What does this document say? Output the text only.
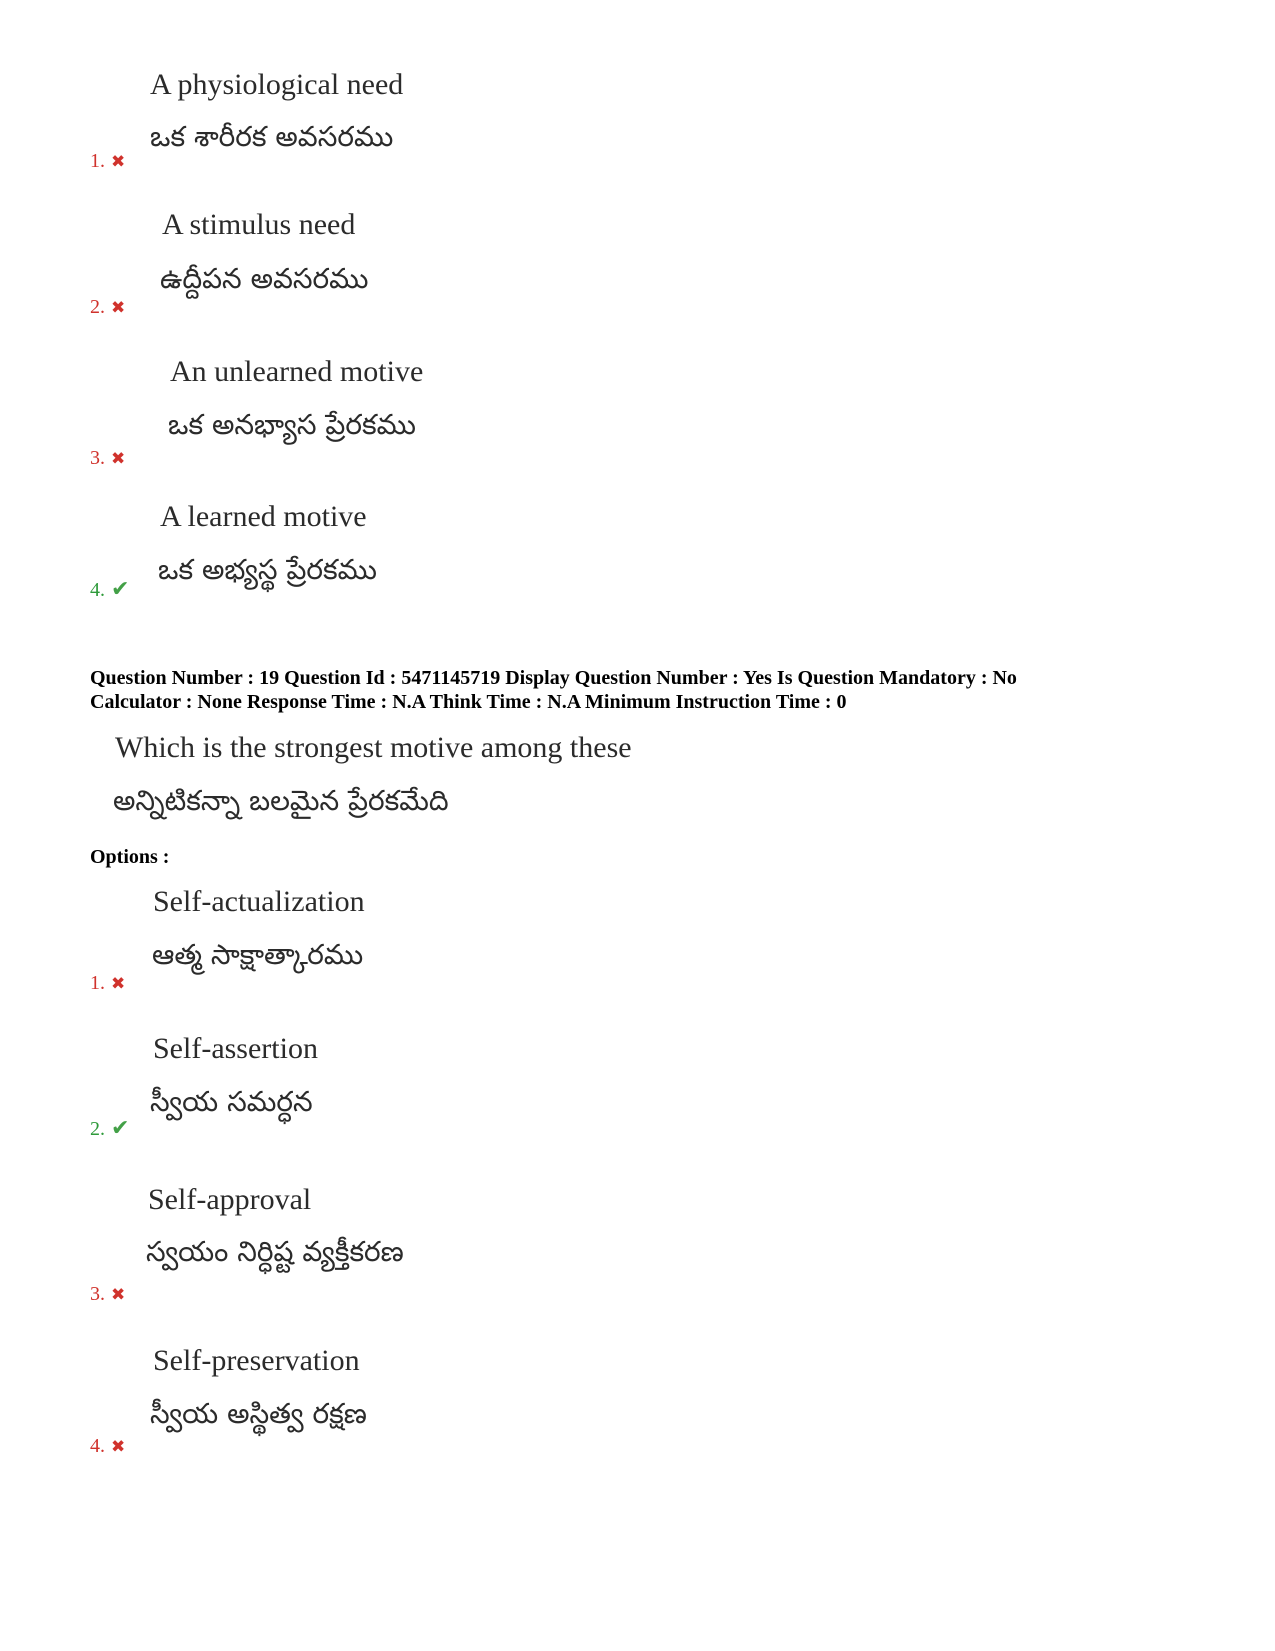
A physiological need
ఒక శారీరక అవసరము
1. ✖
A stimulus need
ఉద్దీపన అవసరము
2. ✖
An unlearned motive
ఒక అనభ్యాస ప్రేరకము
3. ✖
A learned motive
ఒక అభ్యస్థ ప్రేరకము
4. ✔
Question Number : 19 Question Id : 5471145719 Display Question Number : Yes Is Question Mandatory : No
Calculator : None Response Time : N.A Think Time : N.A Minimum Instruction Time : 0
Which is the strongest motive among these
అన్నిటికన్నా బలమైన ప్రేరకమేది
Options :
Self-actualization
ఆత్మ సాక్షాత్కారము
1. ✖
Self-assertion
స్వీయ సమర్ధన
2. ✔
Self-approval
స్వయం నిర్ధిష్ట వ్యక్తీకరణ
3. ✖
Self-preservation
స్వీయ అస్థిత్వ రక్షణ
4. ✖
